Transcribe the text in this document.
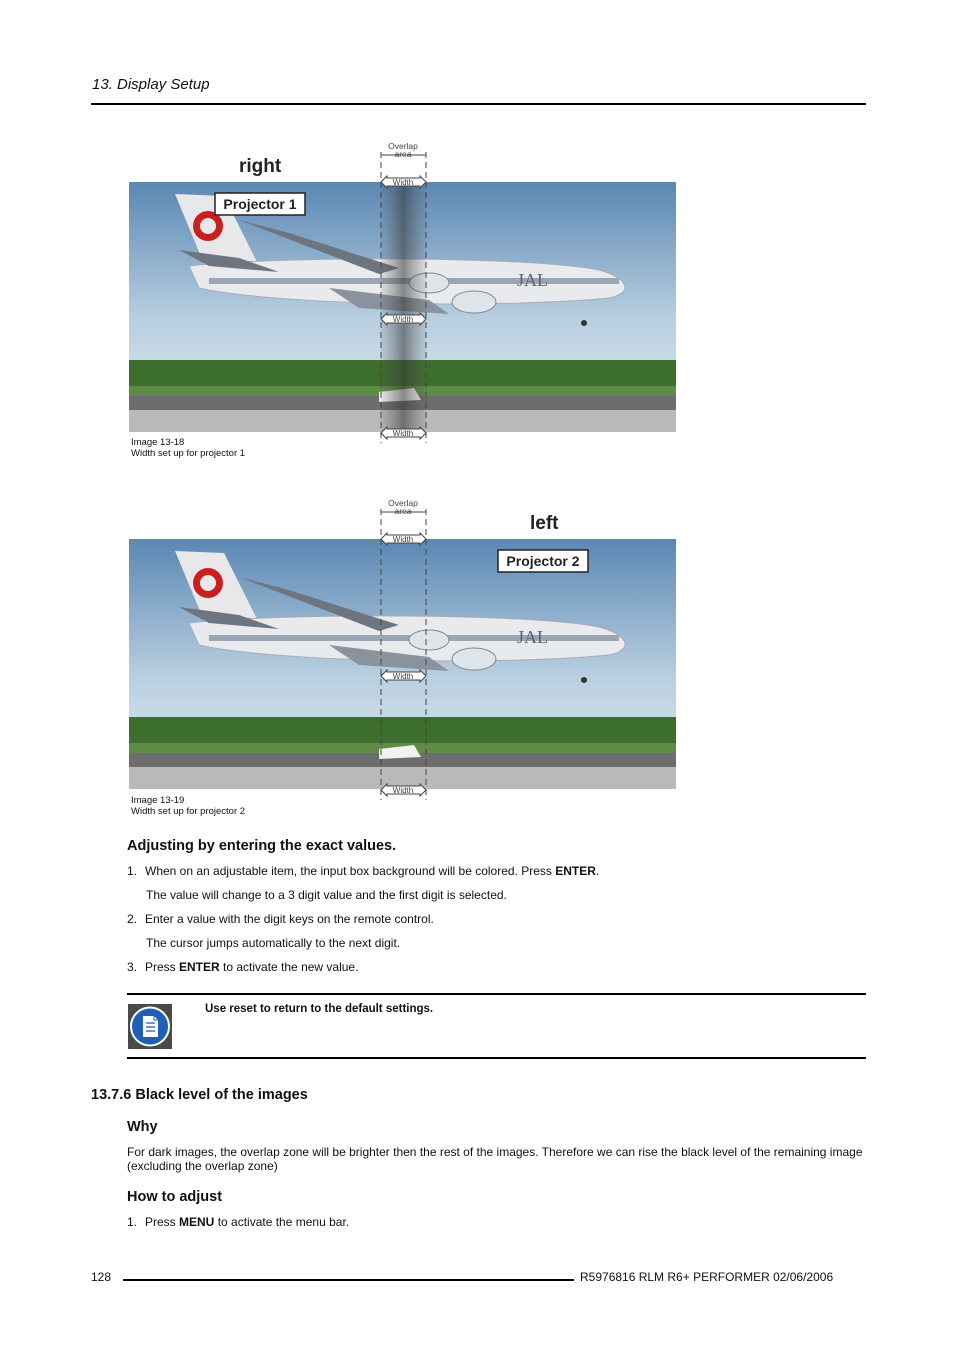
13. Display Setup
JAL
Overlap
area
Width
Width
Width
right
Projector 1
Image 13-18
Width set up for projector 1
JAL
Overlap
area
Width
Width
Width
left
Projector 2
Image 13-19
Width set up for projector 2
Adjusting by entering the exact values.
1. When on an adjustable item, the input box background will be colored. Press ENTER.
The value will change to a 3 digit value and the first digit is selected.
2. Enter a value with the digit keys on the remote control.
The cursor jumps automatically to the next digit.
3. Press ENTER to activate the new value.
Use reset to return to the default settings.
13.7.6 Black level of the images
Why
For dark images, the overlap zone will be brighter then the rest of the images. Therefore we can rise the black level of the remaining image (excluding the overlap zone)
How to adjust
1. Press MENU to activate the menu bar.
128	R5976816 RLM R6+ PERFORMER 02/06/2006
